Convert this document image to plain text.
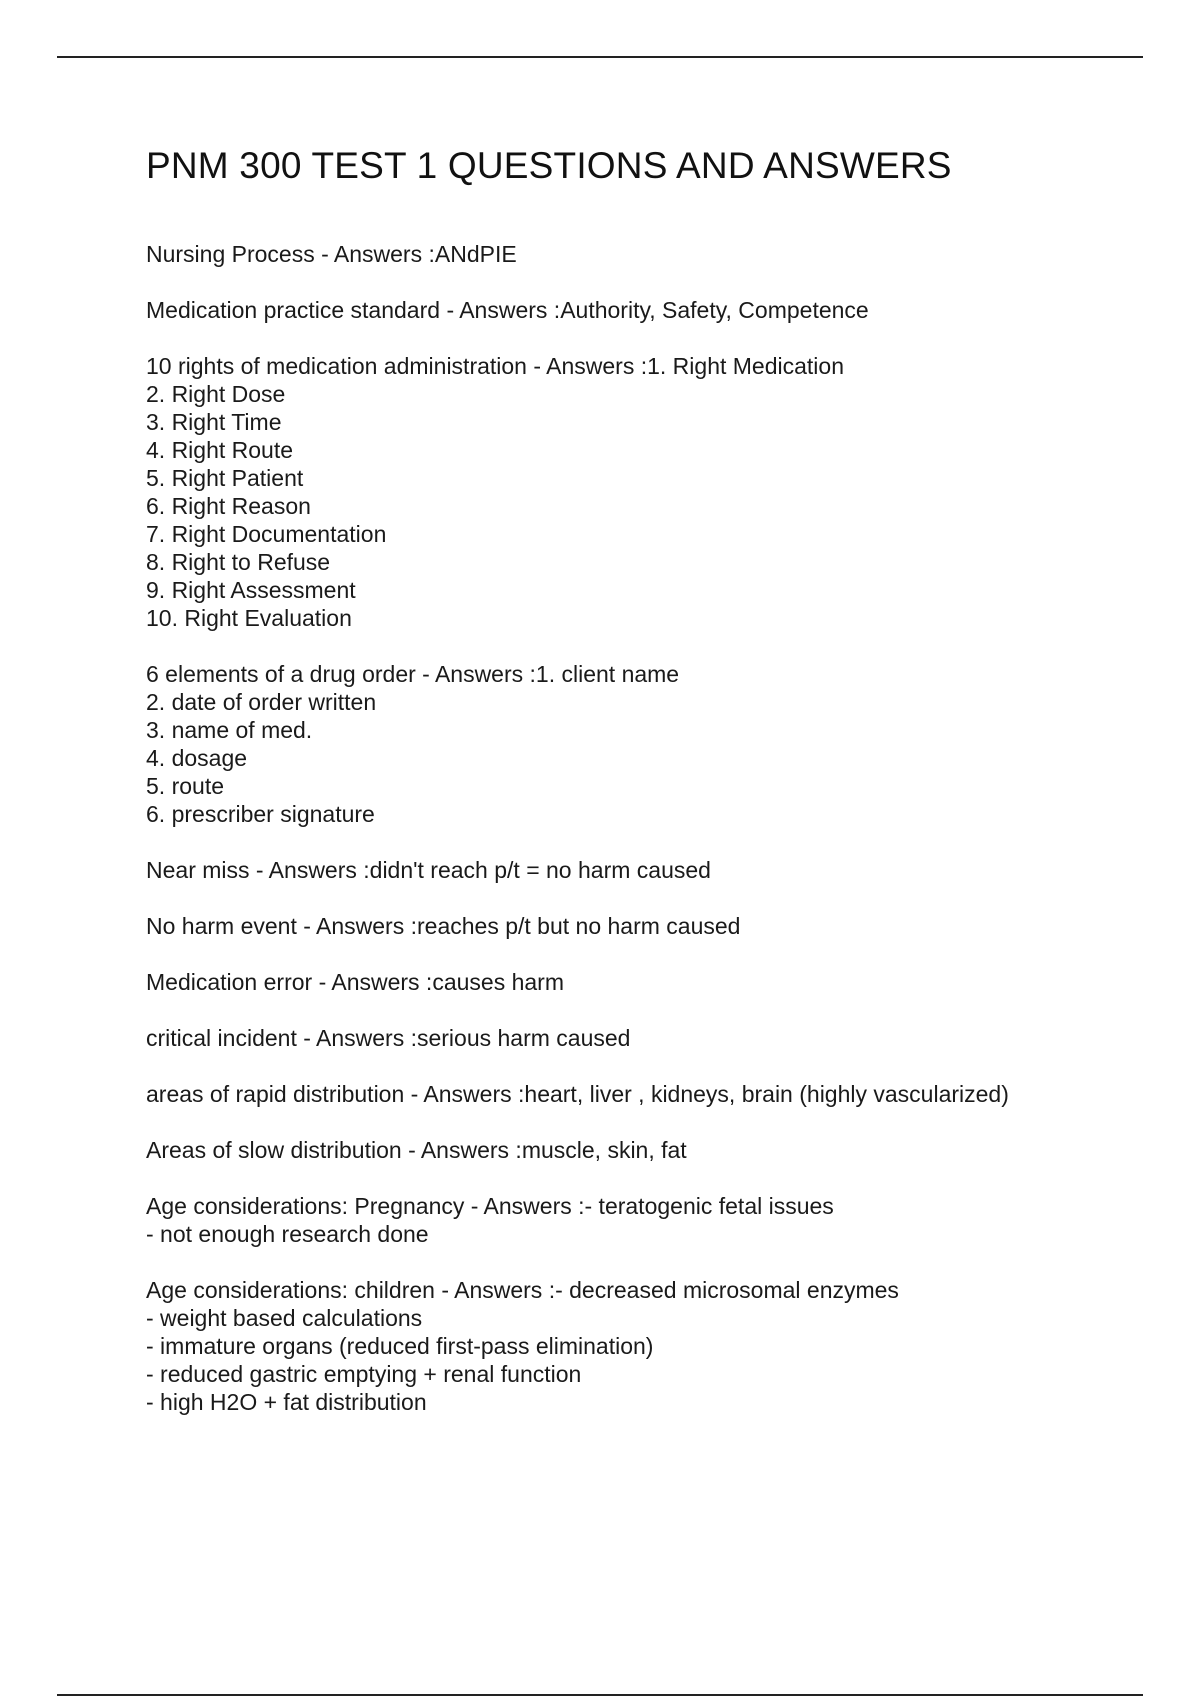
PNM 300 TEST 1 QUESTIONS AND ANSWERS
Nursing Process - Answers :ANdPIE
Medication practice standard - Answers :Authority, Safety, Competence
10 rights of medication administration - Answers :1. Right Medication
2. Right Dose
3. Right Time
4. Right Route
5. Right Patient
6. Right Reason
7. Right Documentation
8. Right to Refuse
9. Right Assessment
10. Right Evaluation
6 elements of a drug order - Answers :1. client name
2. date of order written
3. name of med.
4. dosage
5. route
6. prescriber signature
Near miss - Answers :didn't reach p/t = no harm caused
No harm event - Answers :reaches p/t but no harm caused
Medication error - Answers :causes harm
critical incident - Answers :serious harm caused
areas of rapid distribution - Answers :heart, liver , kidneys, brain (highly vascularized)
Areas of slow distribution - Answers :muscle, skin, fat
Age considerations: Pregnancy - Answers :- teratogenic fetal issues
- not enough research done
Age considerations: children - Answers :- decreased microsomal enzymes
- weight based calculations
- immature organs (reduced first-pass elimination)
- reduced gastric emptying + renal function
- high H2O + fat distribution
